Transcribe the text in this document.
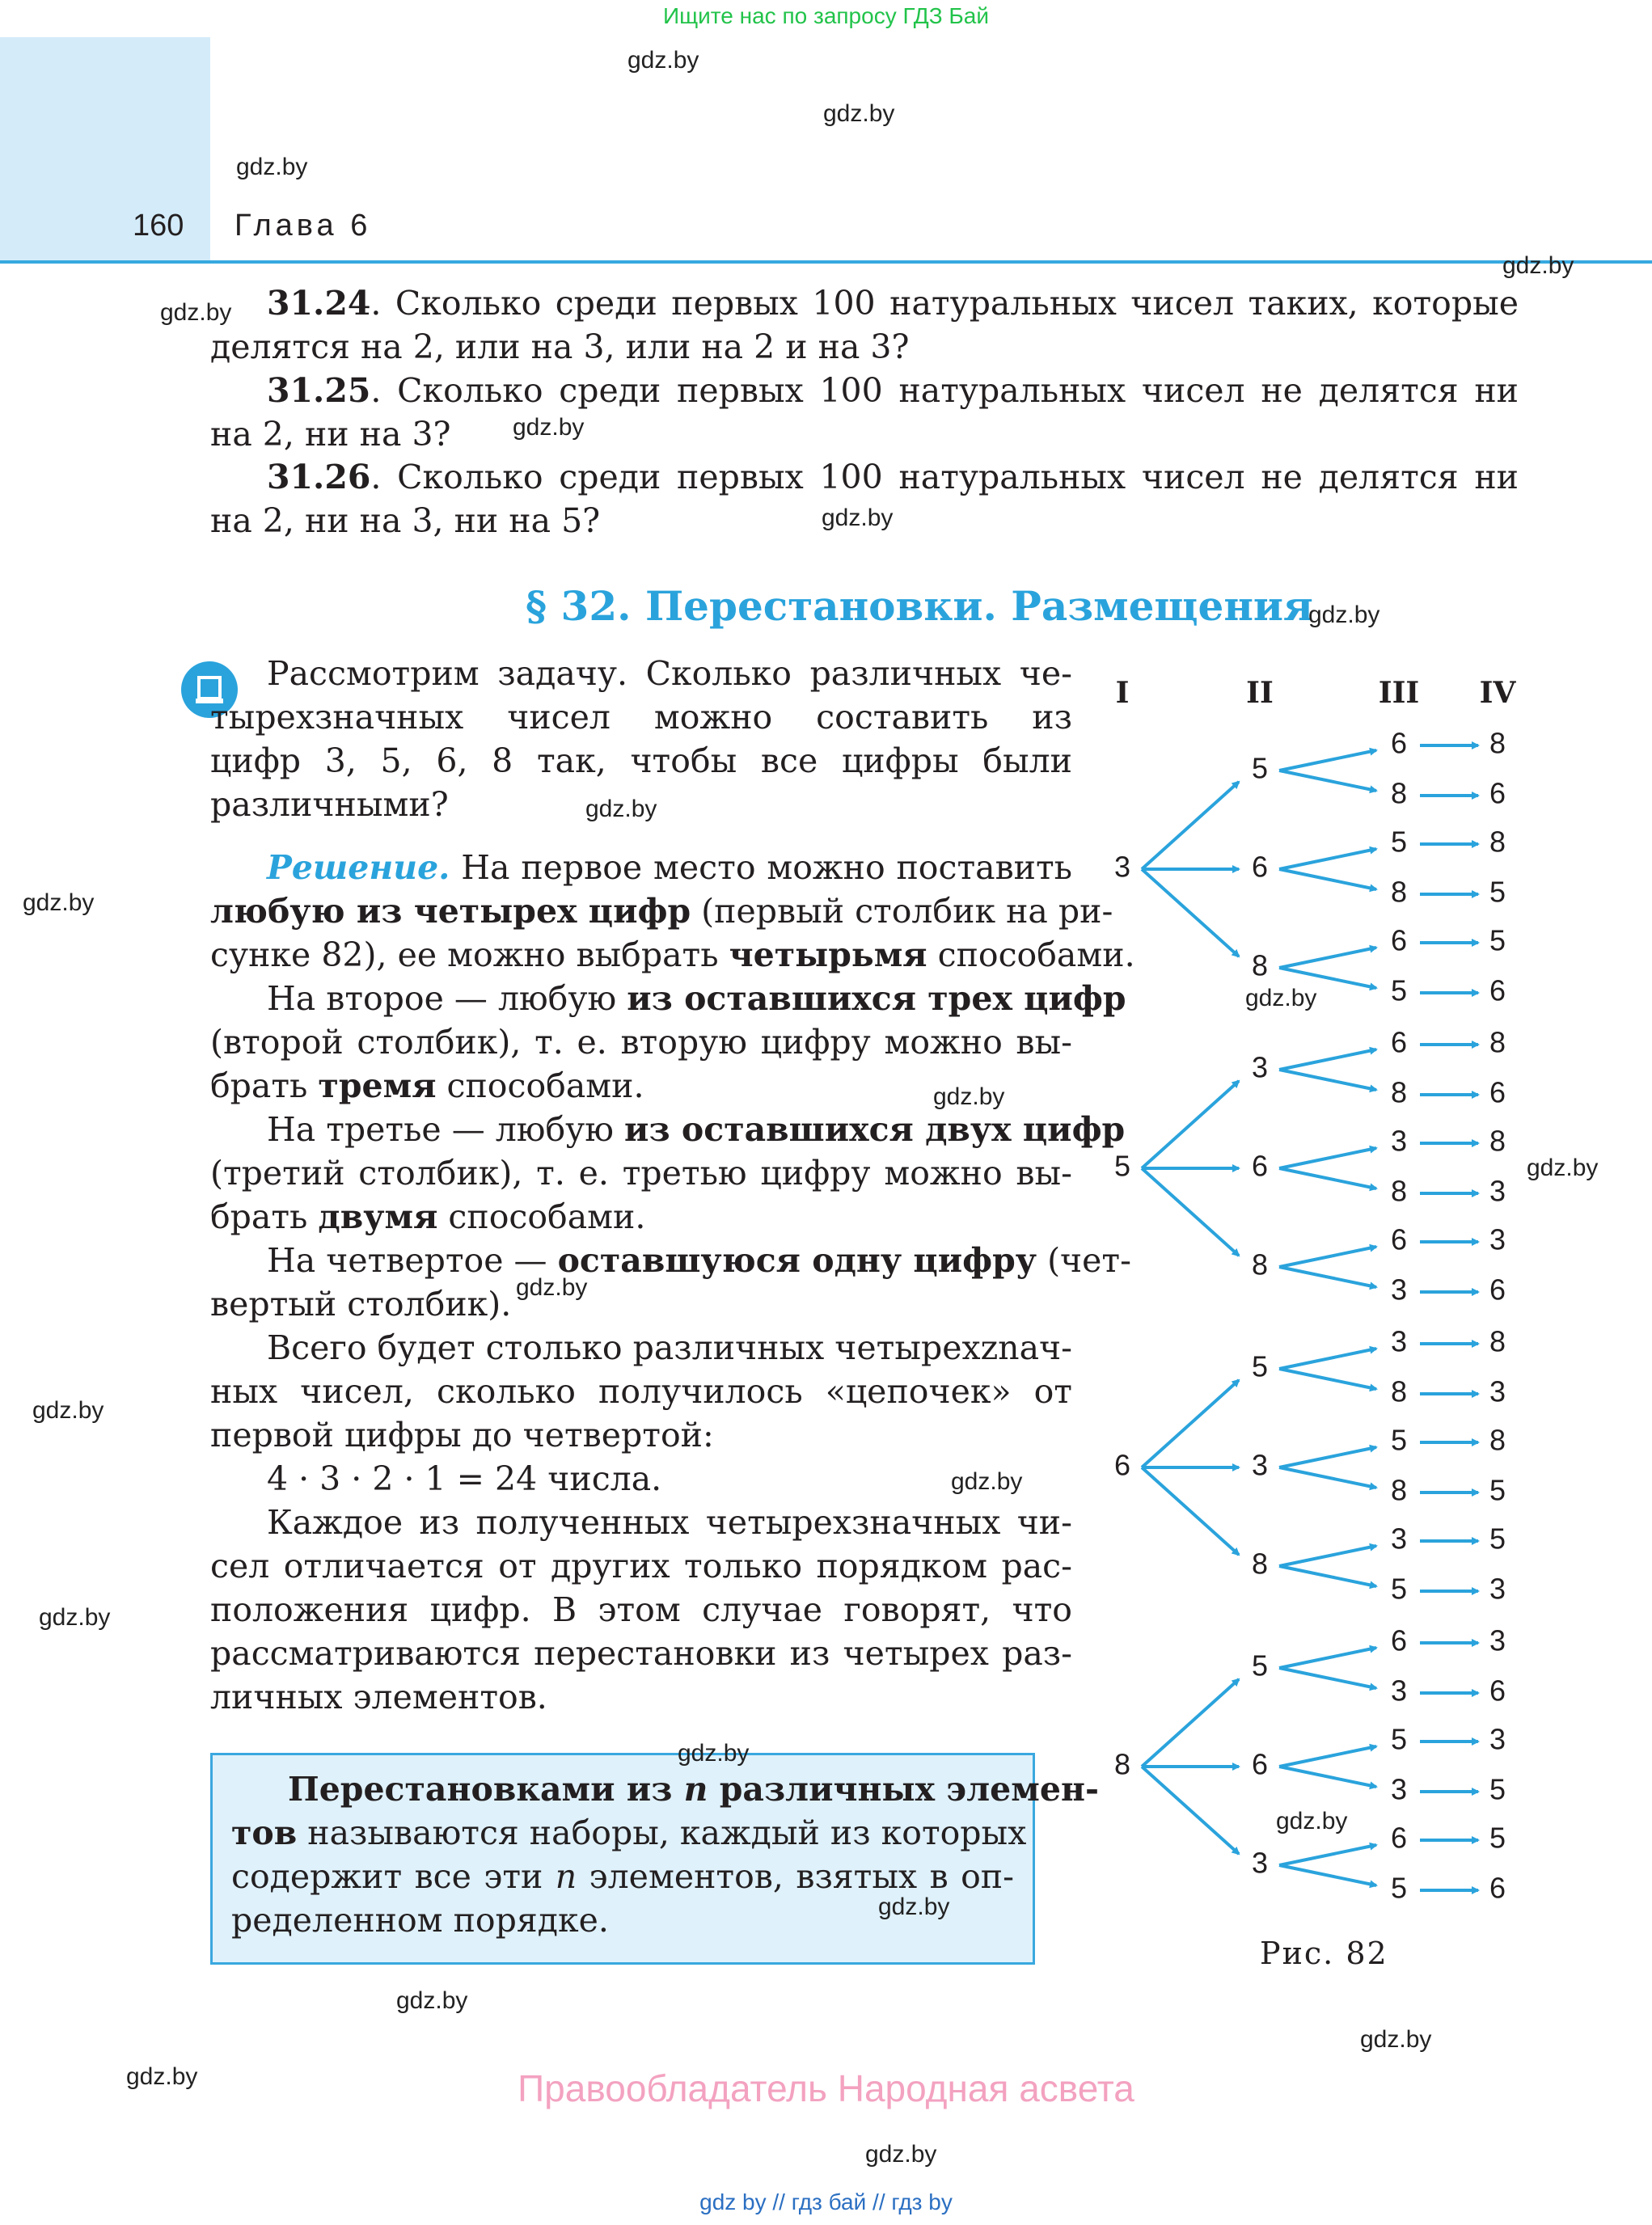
Ищите нас по запросу ГДЗ Бай
160 Глава 6
31.24. Сколько среди первых 100 натуральных чисел таких, которые
делятся на 2, или на 3, или на 2 и на 3?
31.25. Сколько среди первых 100 натуральных чисел не делятся ни
на 2, ни на 3?
31.26. Сколько среди первых 100 натуральных чисел не делятся ни
на 2, ни на 3, ни на 5?
§ 32. Перестановки. Размещения
Рассмотрим задачу. Сколько различных че-
тырехзначных чисел можно составить из
цифр 3, 5, 6, 8 так, чтобы все цифры были
различными?
Решение. На первое место можно поставить
любую из четырех цифр (первый столбик на ри-
сунке 82), ее можно выбрать четырьмя способами.
На второе — любую из оставшихся трех цифр
(второй столбик), т. е. вторую цифру можно вы-
брать тремя способами.
На третье — любую из оставшихся двух цифр
(третий столбик), т. е. третью цифру можно вы-
брать двумя способами.
На четвертое — оставшуюся одну цифру (чет-
вертый столбик).
Всего будет столько различных четырехznач-
ных чисел, сколько получилось «цепочек» от
первой цифры до четвертой:
4 · 3 · 2 · 1 = 24 числа.
Каждое из полученных четырехзначных чи-
сел отличается от других только порядком рас-
положения цифр. В этом случае говорят, что
рассматриваются перестановки из четырех раз-
личных элементов.
Перестановками из n различных элемен-
тов называются наборы, каждый из которых
содержит все эти n элементов, взятых в оп-
ределенном порядке.
I	II	III IV
5
6	8
8	6
6
5	8
8	5
8
6	5
5	6
3
3
6	8
8	6
6
3	8
8	3
8
6	3
3	6
5
5
3	8
8	3
3
5	8
8	5
8
3	5
5	3
6
5
6	3
3	6
6
5	3
3	5
3
6	5
5	6
8
Рис. 82
gdz.by
gdz.by
gdz.by
gdz.by
gdz.by
gdz.by
gdz.by
gdz.by
gdz.by
gdz.by
gdz.by
gdz.by
gdz.by
gdz.by
gdz.by
gdz.by
gdz.by
gdz.by
gdz.by
gdz.by
gdz.by
gdz.by
gdz.by
gdz.by
Правообладатель Народная асвета
gdz by // гдз бай // гдз by
